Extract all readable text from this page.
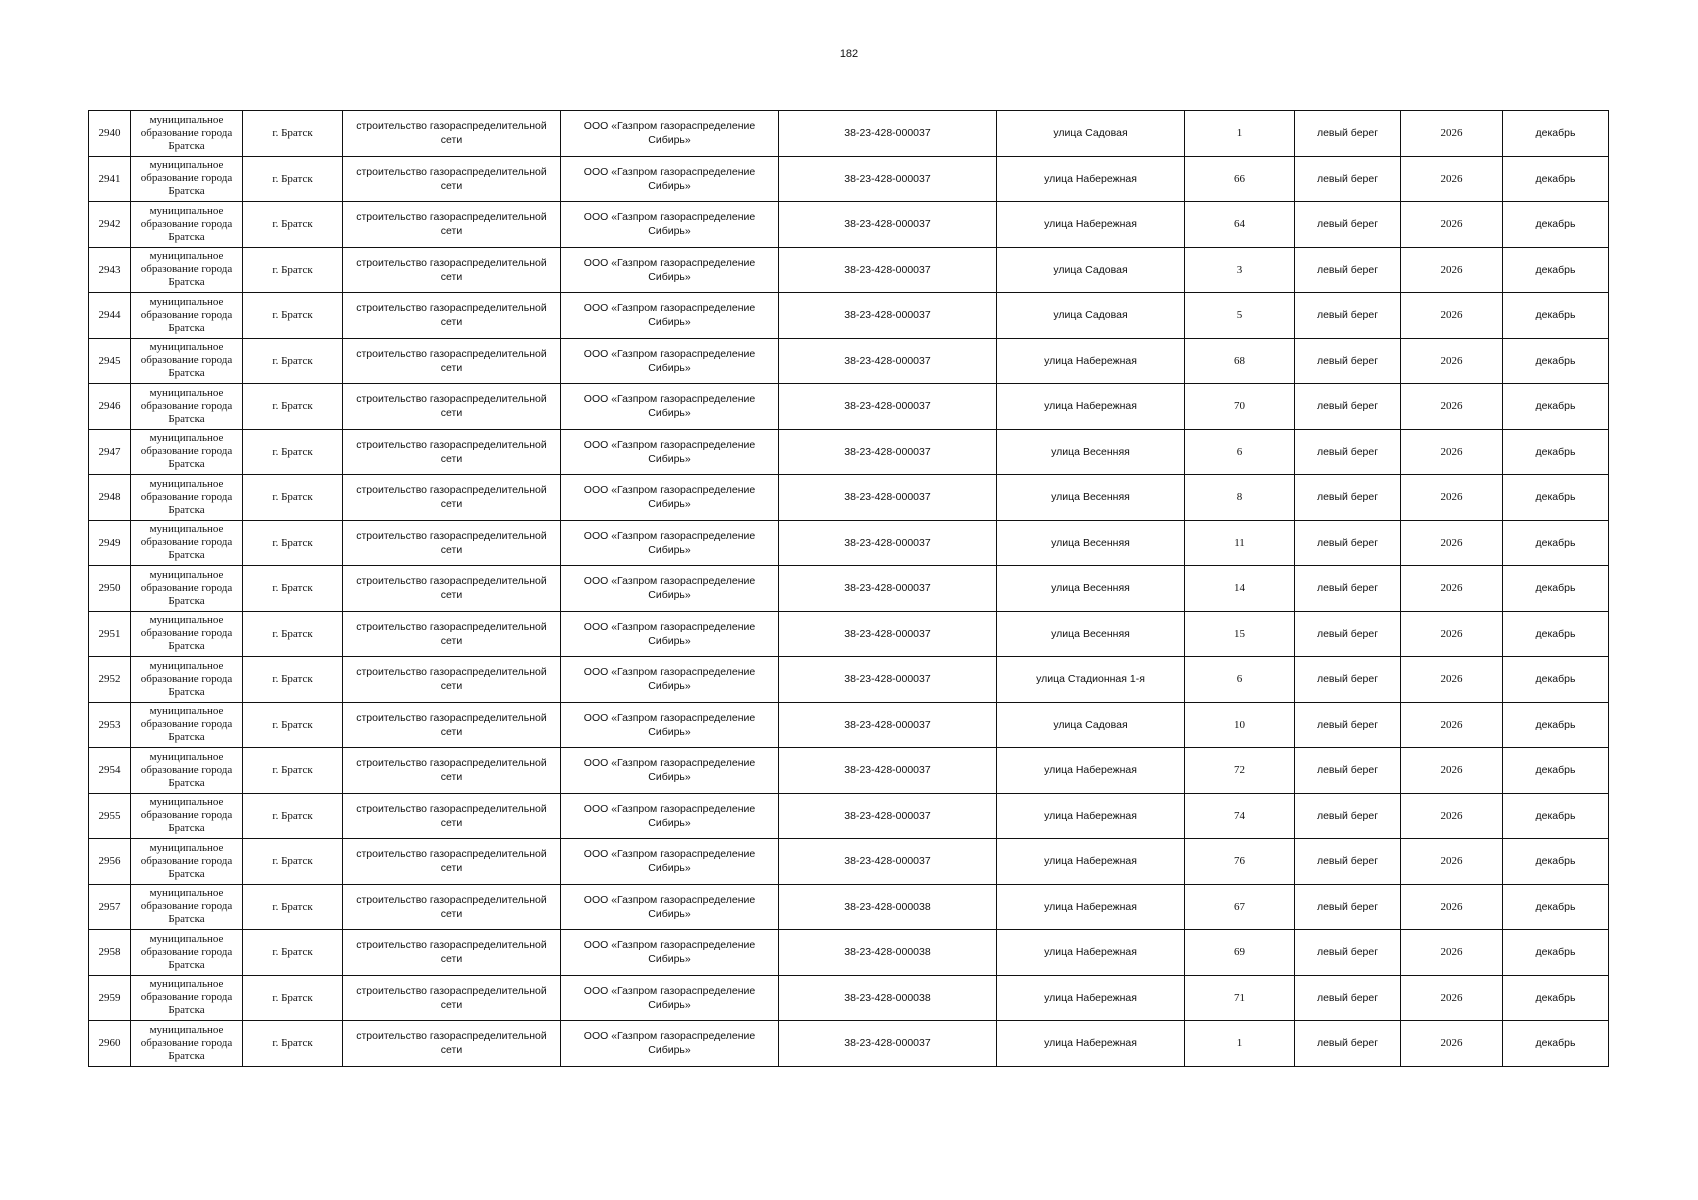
182
2940	муниципальное образование города Братска	г. Братск	строительство газораспределительной сети	ООО «Газпром газораспределение Сибирь»	38-23-428-000037	улица Садовая	1	левый берег	2026	декабрь
2941	муниципальное образование города Братска	г. Братск	строительство газораспределительной сети	ООО «Газпром газораспределение Сибирь»	38-23-428-000037	улица Набережная	66	левый берег	2026	декабрь
2942	муниципальное образование города Братска	г. Братск	строительство газораспределительной сети	ООО «Газпром газораспределение Сибирь»	38-23-428-000037	улица Набережная	64	левый берег	2026	декабрь
2943	муниципальное образование города Братска	г. Братск	строительство газораспределительной сети	ООО «Газпром газораспределение Сибирь»	38-23-428-000037	улица Садовая	3	левый берег	2026	декабрь
2944	муниципальное образование города Братска	г. Братск	строительство газораспределительной сети	ООО «Газпром газораспределение Сибирь»	38-23-428-000037	улица Садовая	5	левый берег	2026	декабрь
2945	муниципальное образование города Братска	г. Братск	строительство газораспределительной сети	ООО «Газпром газораспределение Сибирь»	38-23-428-000037	улица Набережная	68	левый берег	2026	декабрь
2946	муниципальное образование города Братска	г. Братск	строительство газораспределительной сети	ООО «Газпром газораспределение Сибирь»	38-23-428-000037	улица Набережная	70	левый берег	2026	декабрь
2947	муниципальное образование города Братска	г. Братск	строительство газораспределительной сети	ООО «Газпром газораспределение Сибирь»	38-23-428-000037	улица Весенняя	6	левый берег	2026	декабрь
2948	муниципальное образование города Братска	г. Братск	строительство газораспределительной сети	ООО «Газпром газораспределение Сибирь»	38-23-428-000037	улица Весенняя	8	левый берег	2026	декабрь
2949	муниципальное образование города Братска	г. Братск	строительство газораспределительной сети	ООО «Газпром газораспределение Сибирь»	38-23-428-000037	улица Весенняя	11	левый берег	2026	декабрь
2950	муниципальное образование города Братска	г. Братск	строительство газораспределительной сети	ООО «Газпром газораспределение Сибирь»	38-23-428-000037	улица Весенняя	14	левый берег	2026	декабрь
2951	муниципальное образование города Братска	г. Братск	строительство газораспределительной сети	ООО «Газпром газораспределение Сибирь»	38-23-428-000037	улица Весенняя	15	левый берег	2026	декабрь
2952	муниципальное образование города Братска	г. Братск	строительство газораспределительной сети	ООО «Газпром газораспределение Сибирь»	38-23-428-000037	улица Стадионная 1-я	6	левый берег	2026	декабрь
2953	муниципальное образование города Братска	г. Братск	строительство газораспределительной сети	ООО «Газпром газораспределение Сибирь»	38-23-428-000037	улица Садовая	10	левый берег	2026	декабрь
2954	муниципальное образование города Братска	г. Братск	строительство газораспределительной сети	ООО «Газпром газораспределение Сибирь»	38-23-428-000037	улица Набережная	72	левый берег	2026	декабрь
2955	муниципальное образование города Братска	г. Братск	строительство газораспределительной сети	ООО «Газпром газораспределение Сибирь»	38-23-428-000037	улица Набережная	74	левый берег	2026	декабрь
2956	муниципальное образование города Братска	г. Братск	строительство газораспределительной сети	ООО «Газпром газораспределение Сибирь»	38-23-428-000037	улица Набережная	76	левый берег	2026	декабрь
2957	муниципальное образование города Братска	г. Братск	строительство газораспределительной сети	ООО «Газпром газораспределение Сибирь»	38-23-428-000038	улица Набережная	67	левый берег	2026	декабрь
2958	муниципальное образование города Братска	г. Братск	строительство газораспределительной сети	ООО «Газпром газораспределение Сибирь»	38-23-428-000038	улица Набережная	69	левый берег	2026	декабрь
2959	муниципальное образование города Братска	г. Братск	строительство газораспределительной сети	ООО «Газпром газораспределение Сибирь»	38-23-428-000038	улица Набережная	71	левый берег	2026	декабрь
2960	муниципальное образование города Братска	г. Братск	строительство газораспределительной сети	ООО «Газпром газораспределение Сибирь»	38-23-428-000037	улица Набережная	1	левый берег	2026	декабрь
